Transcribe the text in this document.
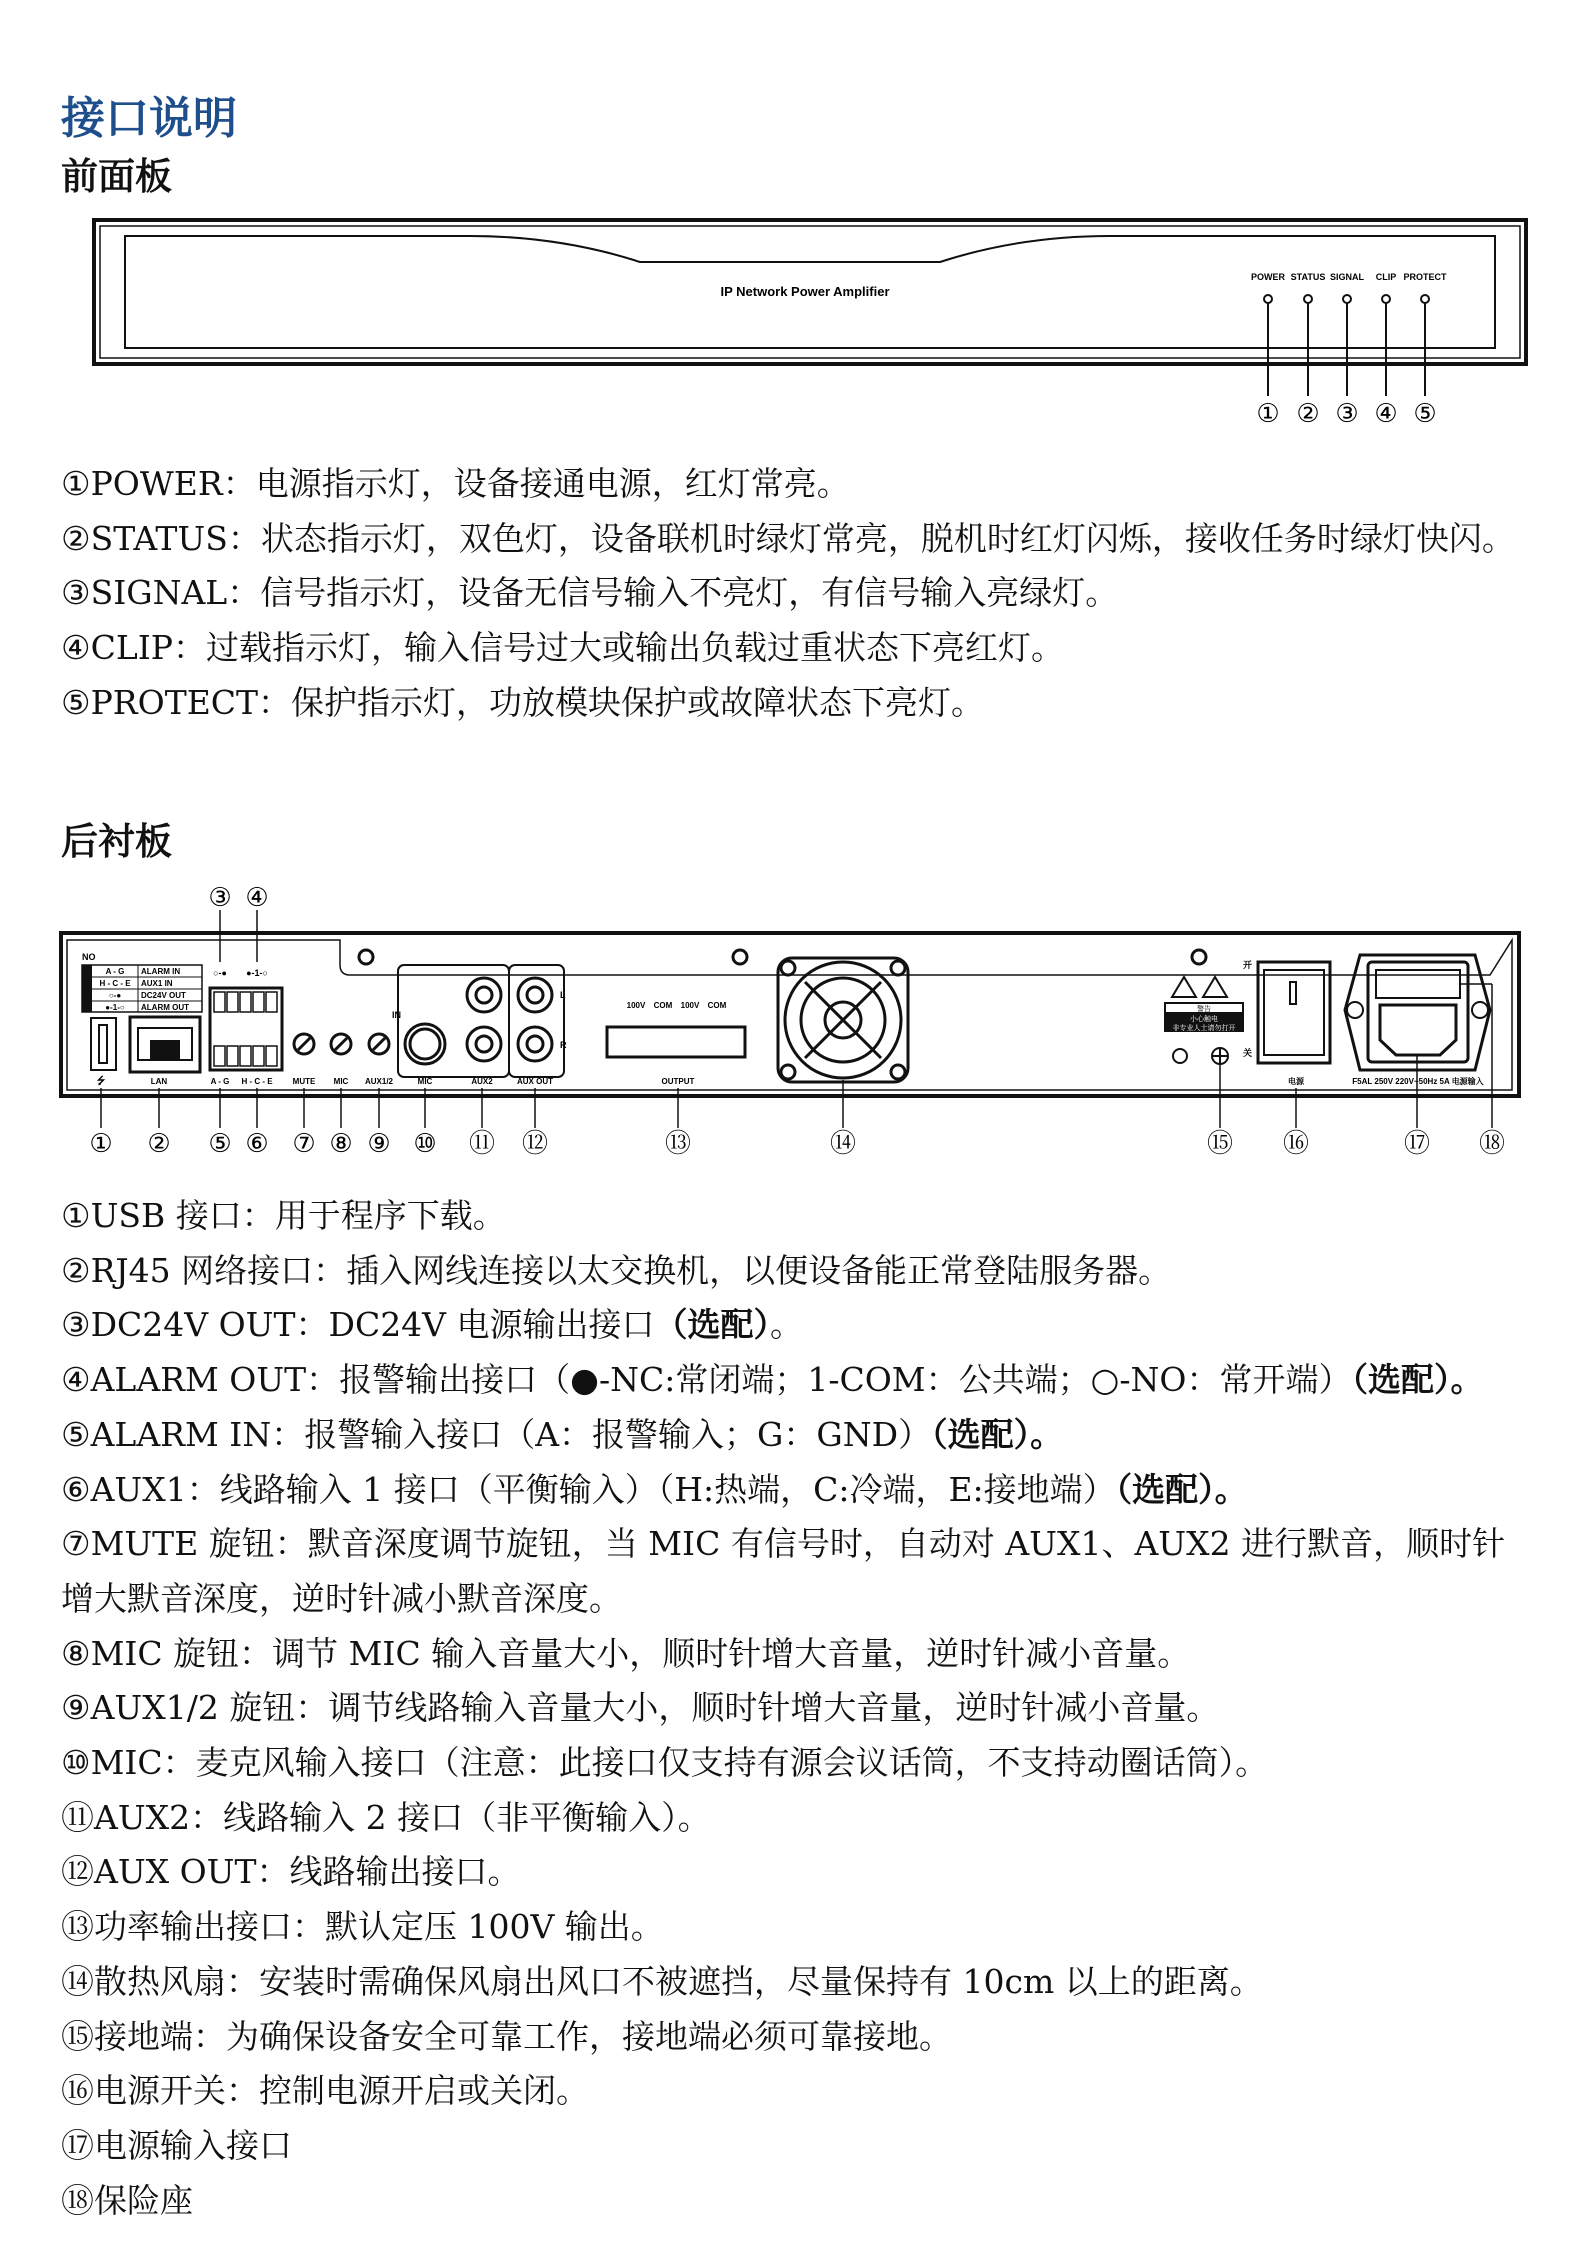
接口说明
前面板
IP Network Power Amplifier
POWER STATUS SIGNAL CLIP PROTECT
① ② ③ ④ ⑤
①POWER：电源指示灯，设备接通电源，红灯常亮。
②STATUS：状态指示灯，双色灯，设备联机时绿灯常亮，脱机时红灯闪烁，接收任务时绿灯快闪。
③SIGNAL：信号指示灯，设备无信号输入不亮灯，有信号输入亮绿灯。
④CLIP：过载指示灯，输入信号过大或输出负载过重状态下亮红灯。
⑤PROTECT：保护指示灯，功放模块保护或故障状态下亮灯。
后衬板
NO
A - G ALARM IN
H - C - E AUX1 IN
○-● DC24V OUT
●-1-○ ALARM OUT
○-● ●-1-○
IN
L
R
100V COM 100V COM	警告
小心触电
非专业人士请勿打开
开
关
⭍	LAN	A - G H - C - E	MUTE MIC AUX1/2	MIC	AUX2	AUX OUT	OUTPUT	电源	F5AL 250V 220V~50Hz 5A 电源输入
③ ④
① ② ⑤ ⑥ ⑦ ⑧ ⑨ ⑩ ⑪ ⑫	⑬	⑭	⑮ ⑯	⑰ ⑱
①USB 接口：用于程序下载。
②RJ45 网络接口：插入网线连接以太交换机，以便设备能正常登陆服务器。
③DC24V OUT：DC24V 电源输出接口（选配）。
④ALARM OUT：报警输出接口（●-NC:常闭端；1-COM：公共端；○-NO：常开端）（选配）。
⑤ALARM IN：报警输入接口（A：报警输入；G：GND）（选配）。
⑥AUX1：线路输入 1 接口（平衡输入）（H:热端，C:冷端，E:接地端）（选配）。
⑦MUTE 旋钮：默音深度调节旋钮，当 MIC 有信号时，自动对 AUX1、AUX2 进行默音，顺时针增大默音深度，逆时针减小默音深度。
⑧MIC 旋钮：调节 MIC 输入音量大小，顺时针增大音量，逆时针减小音量。
⑨AUX1/2 旋钮：调节线路输入音量大小，顺时针增大音量，逆时针减小音量。
⑩MIC：麦克风输入接口（注意：此接口仅支持有源会议话筒，不支持动圈话筒）。
⑪AUX2：线路输入 2 接口（非平衡输入）。
⑫AUX OUT：线路输出接口。
⑬功率输出接口：默认定压 100V 输出。
⑭散热风扇：安装时需确保风扇出风口不被遮挡，尽量保持有 10cm 以上的距离。
⑮接地端：为确保设备安全可靠工作，接地端必须可靠接地。
⑯电源开关：控制电源开启或关闭。
⑰电源输入接口
⑱保险座
